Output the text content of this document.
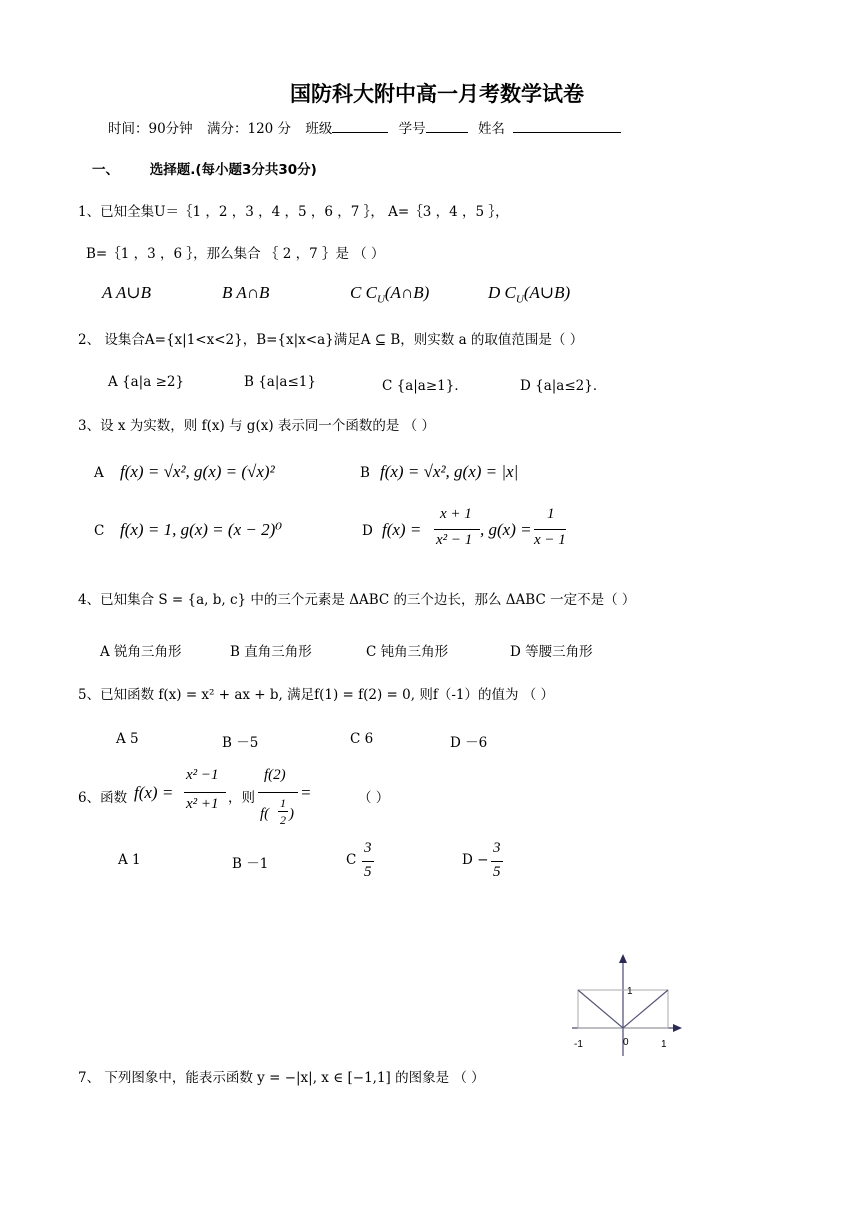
国防科大附中高一月考数学试卷
时间：90分钟 满分：120 分 班级	学号	姓名
一、 选择题.(每小题3分共30分)
1、已知全集U＝｛1 ，2 ，3 ，4 ，5 ，6 ，7 ｝， A=｛3 ，4 ，5 ｝，
B=｛1 ，3 ，6 ｝，那么集合 ｛ 2 ，7 ｝是 （ ）
A A∪B	B A∩B	C $C_U(A\cap B)$	D $C_U(A\cup B)$
2、 设集合A={x|1<x<2}，B={x|x<a}满足A ⊆ B，则实数 a 的取值范围是（ ）
A {a|a ≥2}	B {a|a≤1}	C {a|a≥1}．	D {a|a≤2}．
3、设 x 为实数，则 f(x) 与 g(x) 表示同一个函数的是 （ ）
A f(x) = √x², g(x) = (√x)²	B f(x) = √x², g(x) = |x|
C f(x) = 1, g(x) = (x − 2)⁰	D f(x) =
x + 1
x² − 1
, g(x) =
1
x − 1
4、已知集合 S = {a, b, c} 中的三个元素是 ΔABC 的三个边长，那么 ΔABC 一定不是（ ）
A 锐角三角形	B 直角三角形	C 钝角三角形	D 等腰三角形
5、已知函数 f(x) = x² + ax + b, 满足f(1) = f(2) = 0, 则f（-1）的值为 （ ）
A 5	B －5	C 6	D －6
6、函数 f(x) =
x² −1
x² +1 ，则
f(2)
f(
1
2 )
=	（ ）
A 1	B －1	C
3
5
D −
3
5
1
-1	0	1
7、 下列图象中，能表示函数 y = −|x|, x ∈ [−1,1] 的图象是 （ ）
